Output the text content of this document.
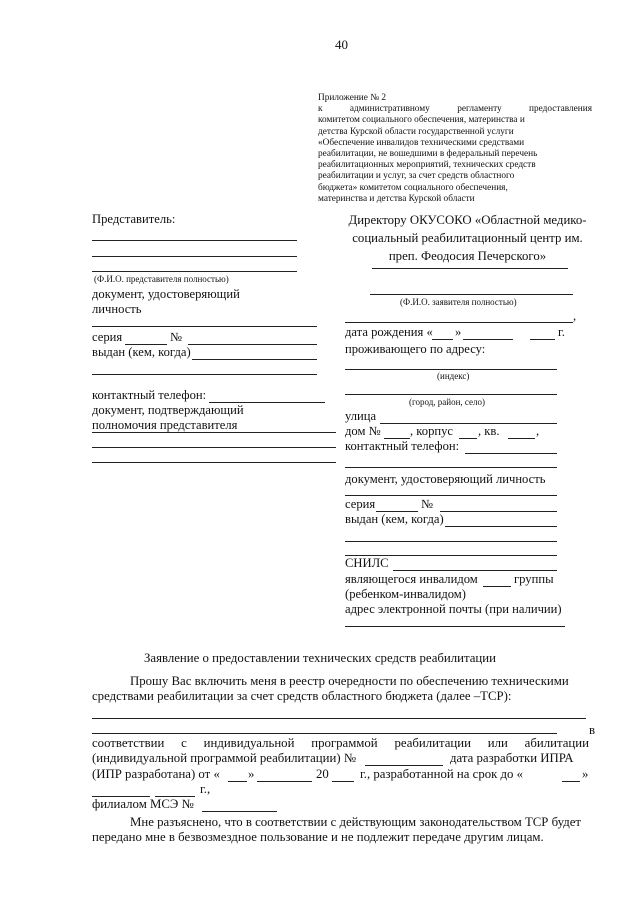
40
Приложение № 2
к	административному	регламенту	предоставления
комитетом социального обеспечения, материнства и
детства Курской области государственной услуги
«Обеспечение инвалидов техническими средствами
реабилитации, не вошедшими в федеральный перечень
реабилитационных мероприятий, технических средств
реабилитации и услуг, за счет средств областного
бюджета» комитетом социального обеспечения,
материнства и детства Курской области
Представитель:
(Ф.И.О. представителя полностью)
документ, удостоверяющий
личность
серия	№
выдан (кем, когда)
контактный телефон:
документ, подтверждающий
полномочия представителя
Директору ОКУСОКО «Областной медико-
социальный реабилитационный центр им.
преп. Феодосия Печерского»
(Ф.И.О. заявителя полностью)
,
дата рождения « »	г.
проживающего по адресу:
(индекс)
(город, район, село)
улица
дом № , корпус , кв.	,
контактный телефон:
документ, удостоверяющий личность
серия	№
выдан (кем, когда)
СНИЛС
являющегося инвалидом	группы
(ребенком-инвалидом)
адрес электронной почты (при наличии)
Заявление о предоставлении технических средств реабилитации
Прошу Вас включить меня в реестр очередности по обеспечению техническими
средствами реабилитации за счет средств областного бюджета (далее –ТСР):
в
соответствии с индивидуальной программой реабилитации или абилитации
(индивидуальной программой реабилитации) №	дата разработки ИПРА
(ИПР разработана) от « »	20 г., разработанной на срок до «	»
г.,
филиалом МСЭ №
Мне разъяснено, что в соответствии с действующим законодательством ТСР будет
передано мне в безвозмездное пользование и не подлежит передаче другим лицам.
